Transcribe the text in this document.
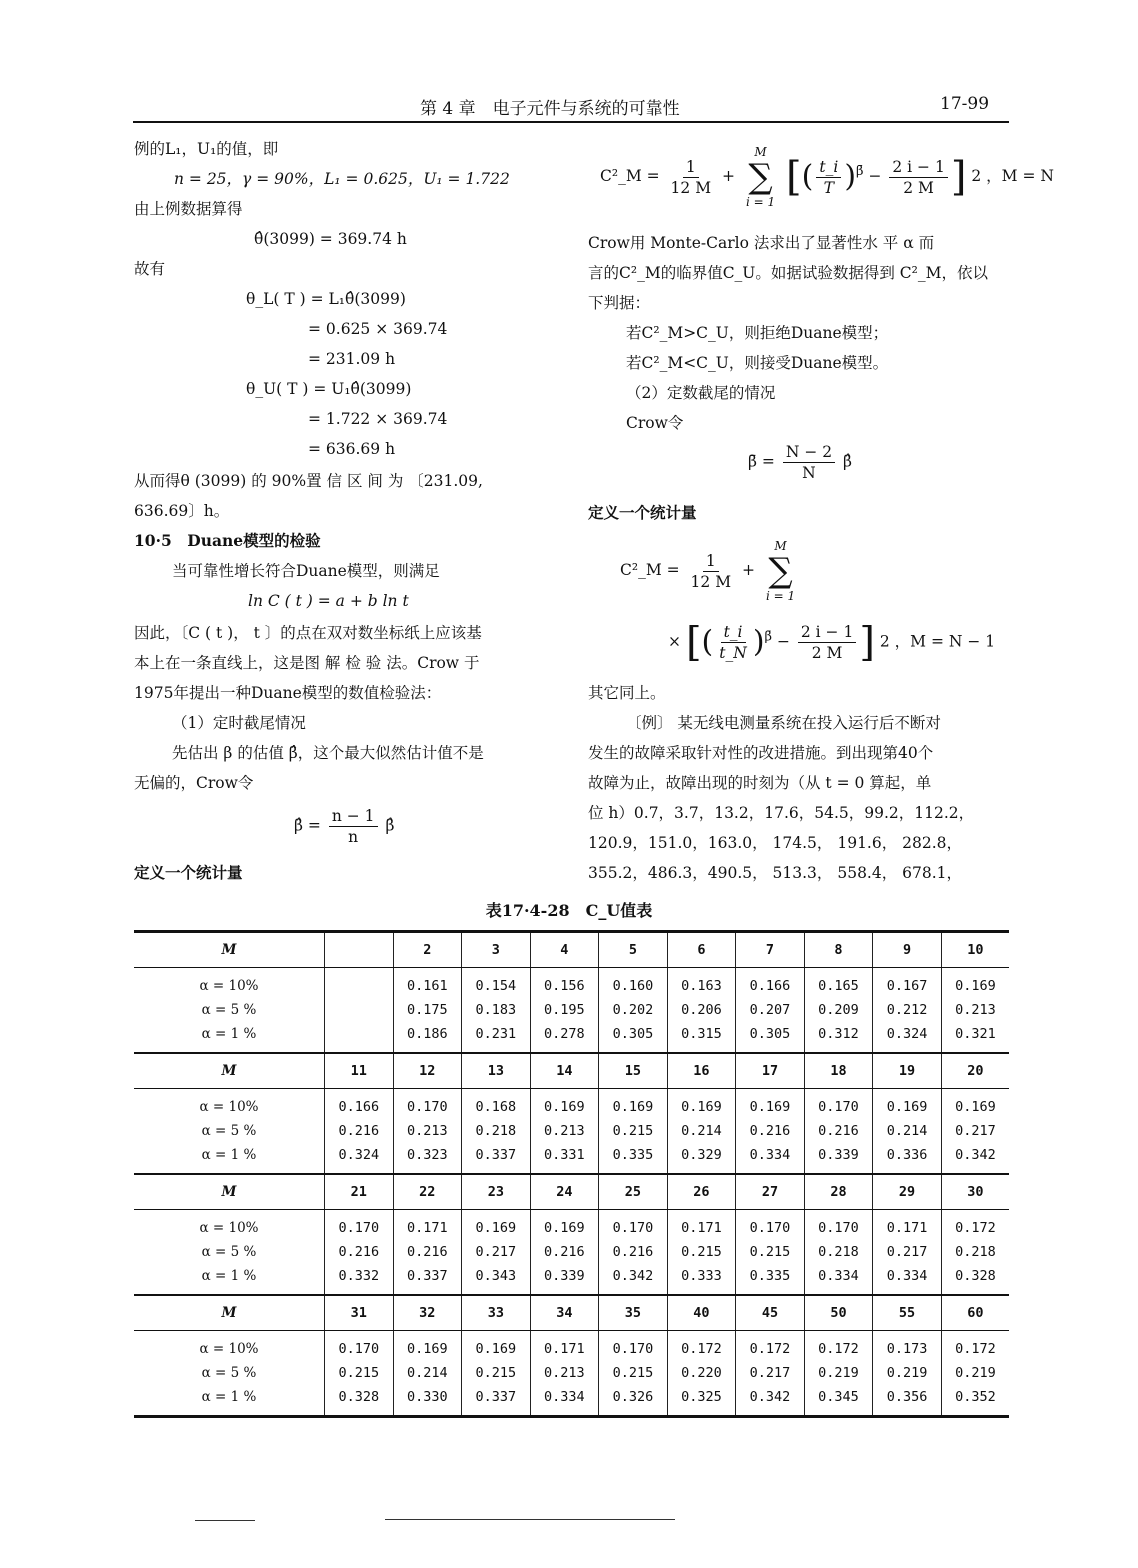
第 4 章　电子元件与系统的可靠性	17-99
例的L₁，U₁的值，即
n = 25，γ = 90%，L₁ = 0.625，U₁ = 1.722
由上例数据算得
θ̂(3099) = 369.74 h
故有
θ_L( T ) = L₁θ̂(3099)
= 0.625 × 369.74
= 231.09 h
θ_U( T ) = U₁θ̂(3099)
= 1.722 × 369.74
= 636.69 h
从而得θ (3099) 的 90%置 信 区 间 为 〔231.09,
636.69〕h。
10·5　Duane模型的检验
当可靠性增长符合Duane模型，则满足
ln C ( t ) = a + b ln t
因此，〔C ( t )， t 〕的点在双对数坐标纸上应该基
本上在一条直线上，这是图 解 检 验 法。Crow 于
1975年提出一种Duane模型的数值检验法：
（1）定时截尾情况
先估出 β 的估值 β̂，这个最大似然估计值不是
无偏的，Crow令
β̂ = $\frac{n - 1}{n}$ β̂
定义一个统计量
C²_M = $\frac{1}{12 M}$ +
M
∑
i = 1
[( $\frac{t\_i}{T} )^{\betā} - \frac{2 i - 1}{2 M}$ ] 2 ，M = N
Crow用 Monte-Carlo 法求出了显著性水 平 α 而
言的C²_M的临界值C_U。如据试验数据得到 C²_M，依以
下判据：
若C²_M>C_U，则拒绝Duane模型；
若C²_M<C_U，则接受Duane模型。
（2）定数截尾的情况
Crow令
β̄ = $\frac{N - 2}{N}$ β̂
定义一个统计量
C²_M = $\frac{1}{12 M}$ +
M
∑
i = 1
× [( $\frac{t\_i}{t\_N} )^{\betā} - \frac{2 i - 1}{2 M}$ ] 2 ，M = N − 1
其它同上。
〔例〕 某无线电测量系统在投入运行后不断对
发生的故障采取针对性的改进措施。到出现第40个
故障为止，故障出现的时刻为（从 t = 0 算起，单
位 h）0.7，3.7，13.2，17.6，54.5，99.2，112.2，
120.9，151.0，163.0， 174.5， 191.6， 282.8，
355.2，486.3，490.5， 513.3， 558.4， 678.1，
表17·4-28　C_U值表
M		2	3	4	5	6	7	8	9	10
α = 10%		0.161	0.154	0.156	0.160	0.163	0.166	0.165	0.167	0.169
α = 5 %		0.175	0.183	0.195	0.202	0.206	0.207	0.209	0.212	0.213
α = 1 %		0.186	0.231	0.278	0.305	0.315	0.305	0.312	0.324	0.321
M	11	12	13	14	15	16	17	18	19	20
α = 10%	0.166	0.170	0.168	0.169	0.169	0.169	0.169	0.170	0.169	0.169
α = 5 %	0.216	0.213	0.218	0.213	0.215	0.214	0.216	0.216	0.214	0.217
α = 1 %	0.324	0.323	0.337	0.331	0.335	0.329	0.334	0.339	0.336	0.342
M	21	22	23	24	25	26	27	28	29	30
α = 10%	0.170	0.171	0.169	0.169	0.170	0.171	0.170	0.170	0.171	0.172
α = 5 %	0.216	0.216	0.217	0.216	0.216	0.215	0.215	0.218	0.217	0.218
α = 1 %	0.332	0.337	0.343	0.339	0.342	0.333	0.335	0.334	0.334	0.328
M	31	32	33	34	35	40	45	50	55	60
α = 10%	0.170	0.169	0.169	0.171	0.170	0.172	0.172	0.172	0.173	0.172
α = 5 %	0.215	0.214	0.215	0.213	0.215	0.220	0.217	0.219	0.219	0.219
α = 1 %	0.328	0.330	0.337	0.334	0.326	0.325	0.342	0.345	0.356	0.352
